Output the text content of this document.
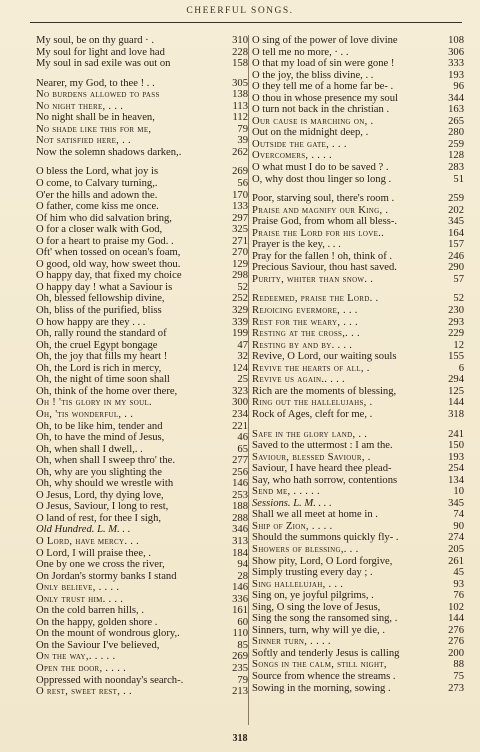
CHEERFUL SONGS.
My soul, be on thy guard · .	310
My soul for light and love had	228
My soul in sad exile was out on	158
Nearer, my God, to thee ! . .	305
No burdens allowed to pass	138
No night there, . . .	113
No night shall be in heaven,	112
No shade like this for me,	79
Not satisfied here, . .	39
Now the solemn shadows darken,.	262
O bless the Lord, what joy is	269
O come, to Calvary turning,.	56
O'er the hills and adown the.	170
O father, come kiss me once.	133
Of him who did salvation bring,	297
O for a closer walk with God,	325
O for a heart to praise my God. .	271
Oft' when tossed on ocean's foam,	270
O good, old way, how sweet thou.	129
O happy day, that fixed my choice	298
O happy day ! what a Saviour is	52
Oh, blessed fellowship divine,	252
Oh, bliss of the purified, bliss	329
O how happy are they . . .	339
Oh, rally round the standard of	199
Oh, the cruel Egypt bongage	47
Oh, the joy that fills my heart !	32
Oh, the Lord is rich in mercy,	124
Oh, the night of time soon shall	25
Oh, think of the home over there,	323
Oh ! 'tis glory in my soul.	300
Oh, 'tis wonderful, . .	234
Oh, to be like him, tender and	221
Oh, to have the mind of Jesus,	46
Oh, when shall I dwell,. .	65
Oh, when shall I sweep thro' the.	277
Oh, why are you slighting the	256
Oh, why should we wrestle with	146
O Jesus, Lord, thy dying love,	253
O Jesus, Saviour, I long to rest,	188
O land of rest, for thee I sigh,	288
Old Hundred. L. M. . .	346
O Lord, have mercy. . .	313
O Lord, I will praise thee, .	184
One by one we cross the river,	94
On Jordan's stormy banks I stand	28
Only believe, . . . .	146
Only trust him. . . .	336
On the cold barren hills, .	161
On the happy, golden shore .	60
On the mount of wondrous glory,.	110
On the Saviour I've believed,	85
On the way,. . . . .	269
Open the door, . . . .	235
Oppressed with noonday's search-.	79
O rest, sweet rest, . .	213
O sing of the power of love divine	108
O tell me no more, · . .	306
O that my load of sin were gone !	333
O the joy, the bliss divine, . .	193
O they tell me of a home far be- .	96
O thou in whose presence my soul	344
O turn not back in the christian .	163
Our cause is marching on, .	265
Out on the midnight deep, .	280
Outside the gate, . . .	259
Overcomers, . . . .	128
O what must I do to be saved ? .	283
O, why dost thou linger so long .	51
Poor, starving soul, there's room .	259
Praise and magnify our King, .	202
Praise God, from whom all bless-.	345
Praise the Lord for his love..	164
Prayer is the key, . . .	157
Pray for the fallen ! oh, think of .	246
Precious Saviour, thou hast saved.	290
Purity, whiter than snow. .	57
Redeemed, praise the Lord. .	52
Rejoicing evermore, . . .	230
Rest for the weary, . . .	293
Resting at the cross,. . .	229
Resting by and by. . . .	12
Revive, O Lord, our waiting souls	155
Revive the hearts of all, .	6
Revive us again.. . . .	294
Rich are the moments of blessing,	125
Ring out the hallelujahs, .	144
Rock of Ages, cleft for me, .	318
Safe in the glory land, . .	241
Saved to the uttermost : I am the.	150
Saviour, blessed Saviour, .	193
Saviour, I have heard thee plead-	254
Say, who hath sorrow, contentions	134
Send me, . . . . .	10
Sessions. L. M. . . .	345
Shall we all meet at home in .	74
Ship of Zion, . . . .	90
Should the summons quickly fly- .	274
Showers of blessing,. . .	205
Show pity, Lord, O Lord forgive,	261
Simply trusting every day ; .	45
Sing hallelujah, . . .	93
Sing on, ye joyful pilgrims, .	76
Sing, O sing the love of Jesus,	102
Sing the song the ransomed sing, .	144
Sinners, turn, why will ye die, .	276
Sinner turn, . . . .	276
Softly and tenderly Jesus is calling	200
Songs in the calm, still night,	88
Source from whence the streams .	75
Sowing in the morning, sowing .	273
318
